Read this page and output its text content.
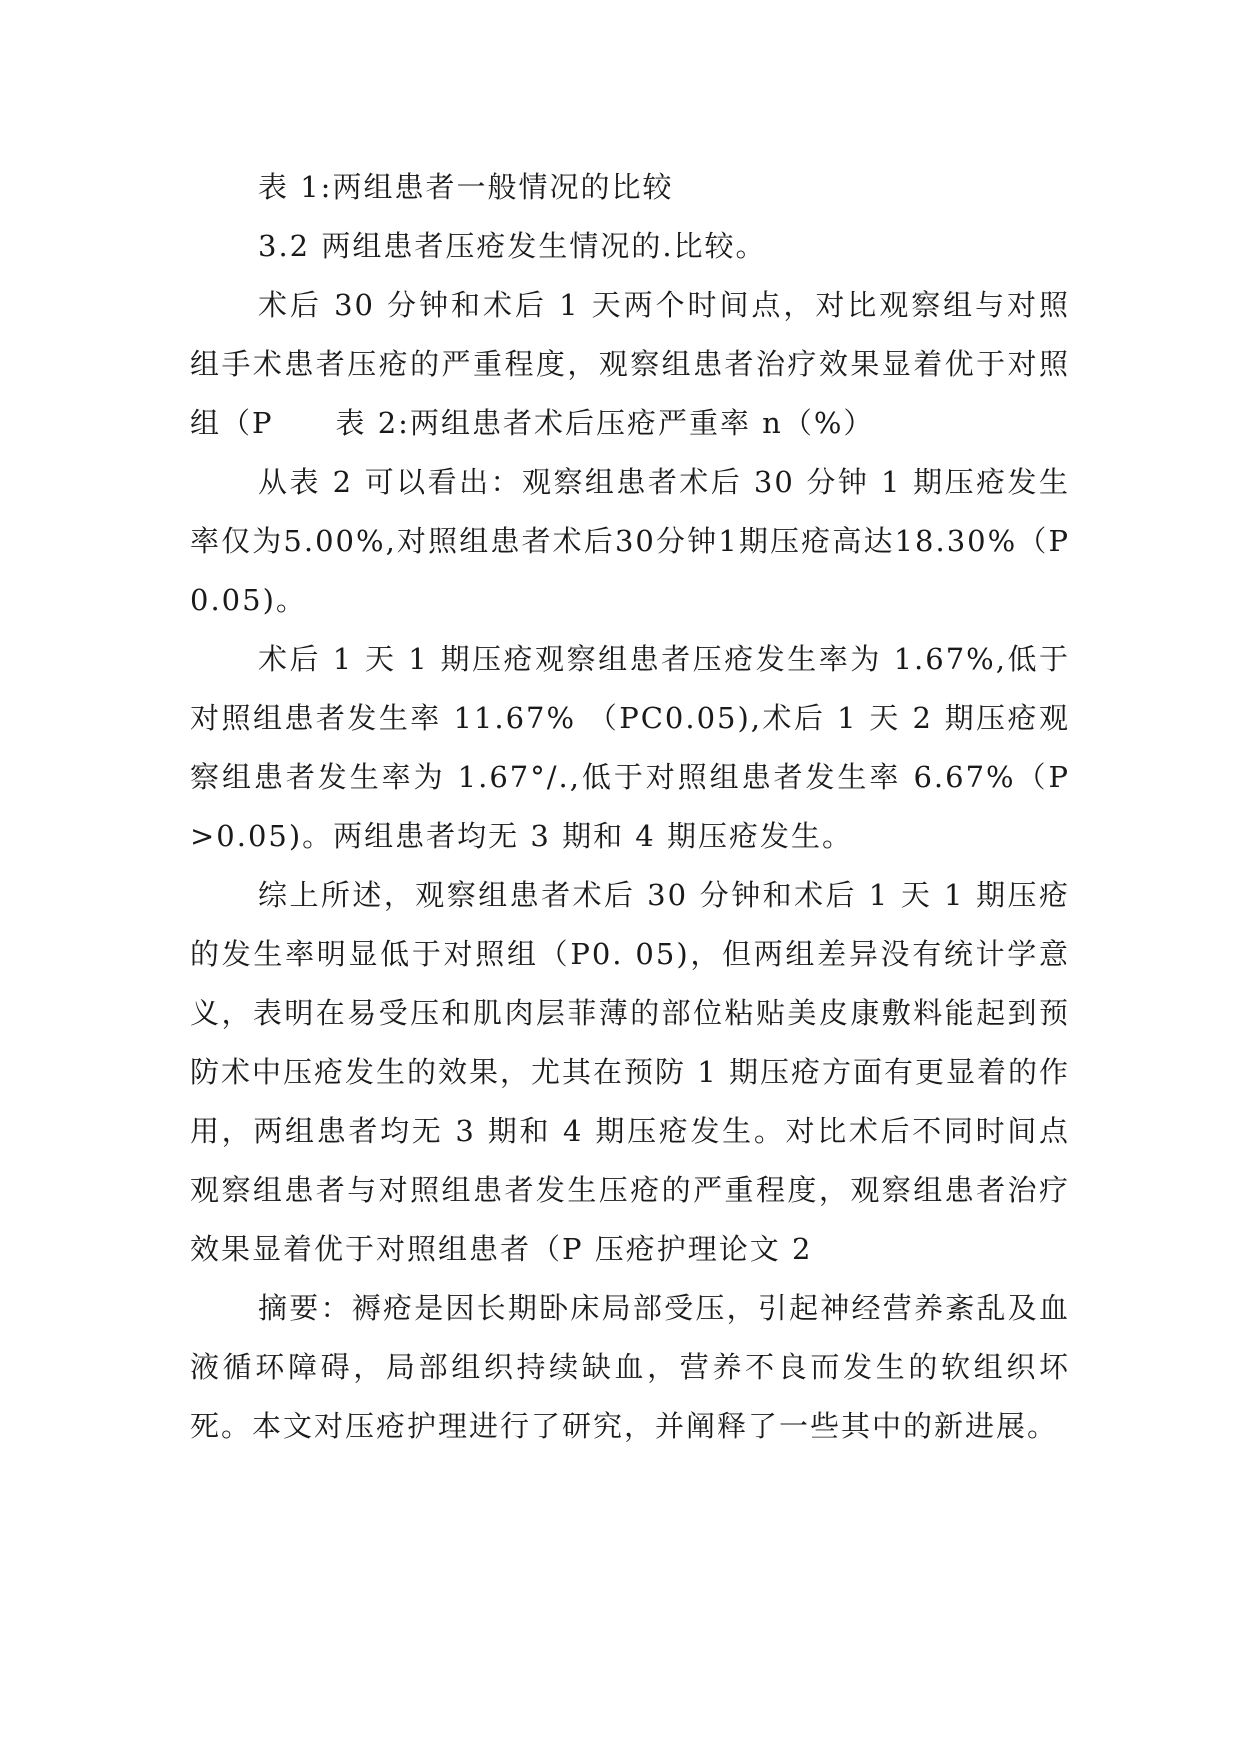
表 1:两组患者一般情况的比较

3.2 两组患者压疮发生情况的.比较。

术后 30 分钟和术后 1 天两个时间点，对比观察组与对照组手术患者压疮的严重程度，观察组患者治疗效果显着优于对照组（P　　表 2:两组患者术后压疮严重率 n（%）

从表 2 可以看出：观察组患者术后 30 分钟 1 期压疮发生率仅为5.00%,对照组患者术后30分钟1期压疮高达18.30%（P0.05)。

术后 1 天 1 期压疮观察组患者压疮发生率为 1.67%,低于对照组患者发生率 11.67% （PC0.05),术后 1 天 2 期压疮观察组患者发生率为 1.67°/.,低于对照组患者发生率 6.67%（P>0.05)。两组患者均无 3 期和 4 期压疮发生。

综上所述，观察组患者术后 30 分钟和术后 1 天 1 期压疮的发生率明显低于对照组（P0. 05)，但两组差异没有统计学意义，表明在易受压和肌肉层菲薄的部位粘贴美皮康敷料能起到预防术中压疮发生的效果，尤其在预防 1 期压疮方面有更显着的作用，两组患者均无 3 期和 4 期压疮发生。对比术后不同时间点观察组患者与对照组患者发生压疮的严重程度，观察组患者治疗效果显着优于对照组患者（P 压疮护理论文 2

摘要：褥疮是因长期卧床局部受压，引起神经营养紊乱及血液循环障碍，局部组织持续缺血，营养不良而发生的软组织坏死。本文对压疮护理进行了研究，并阐释了一些其中的新进展。
